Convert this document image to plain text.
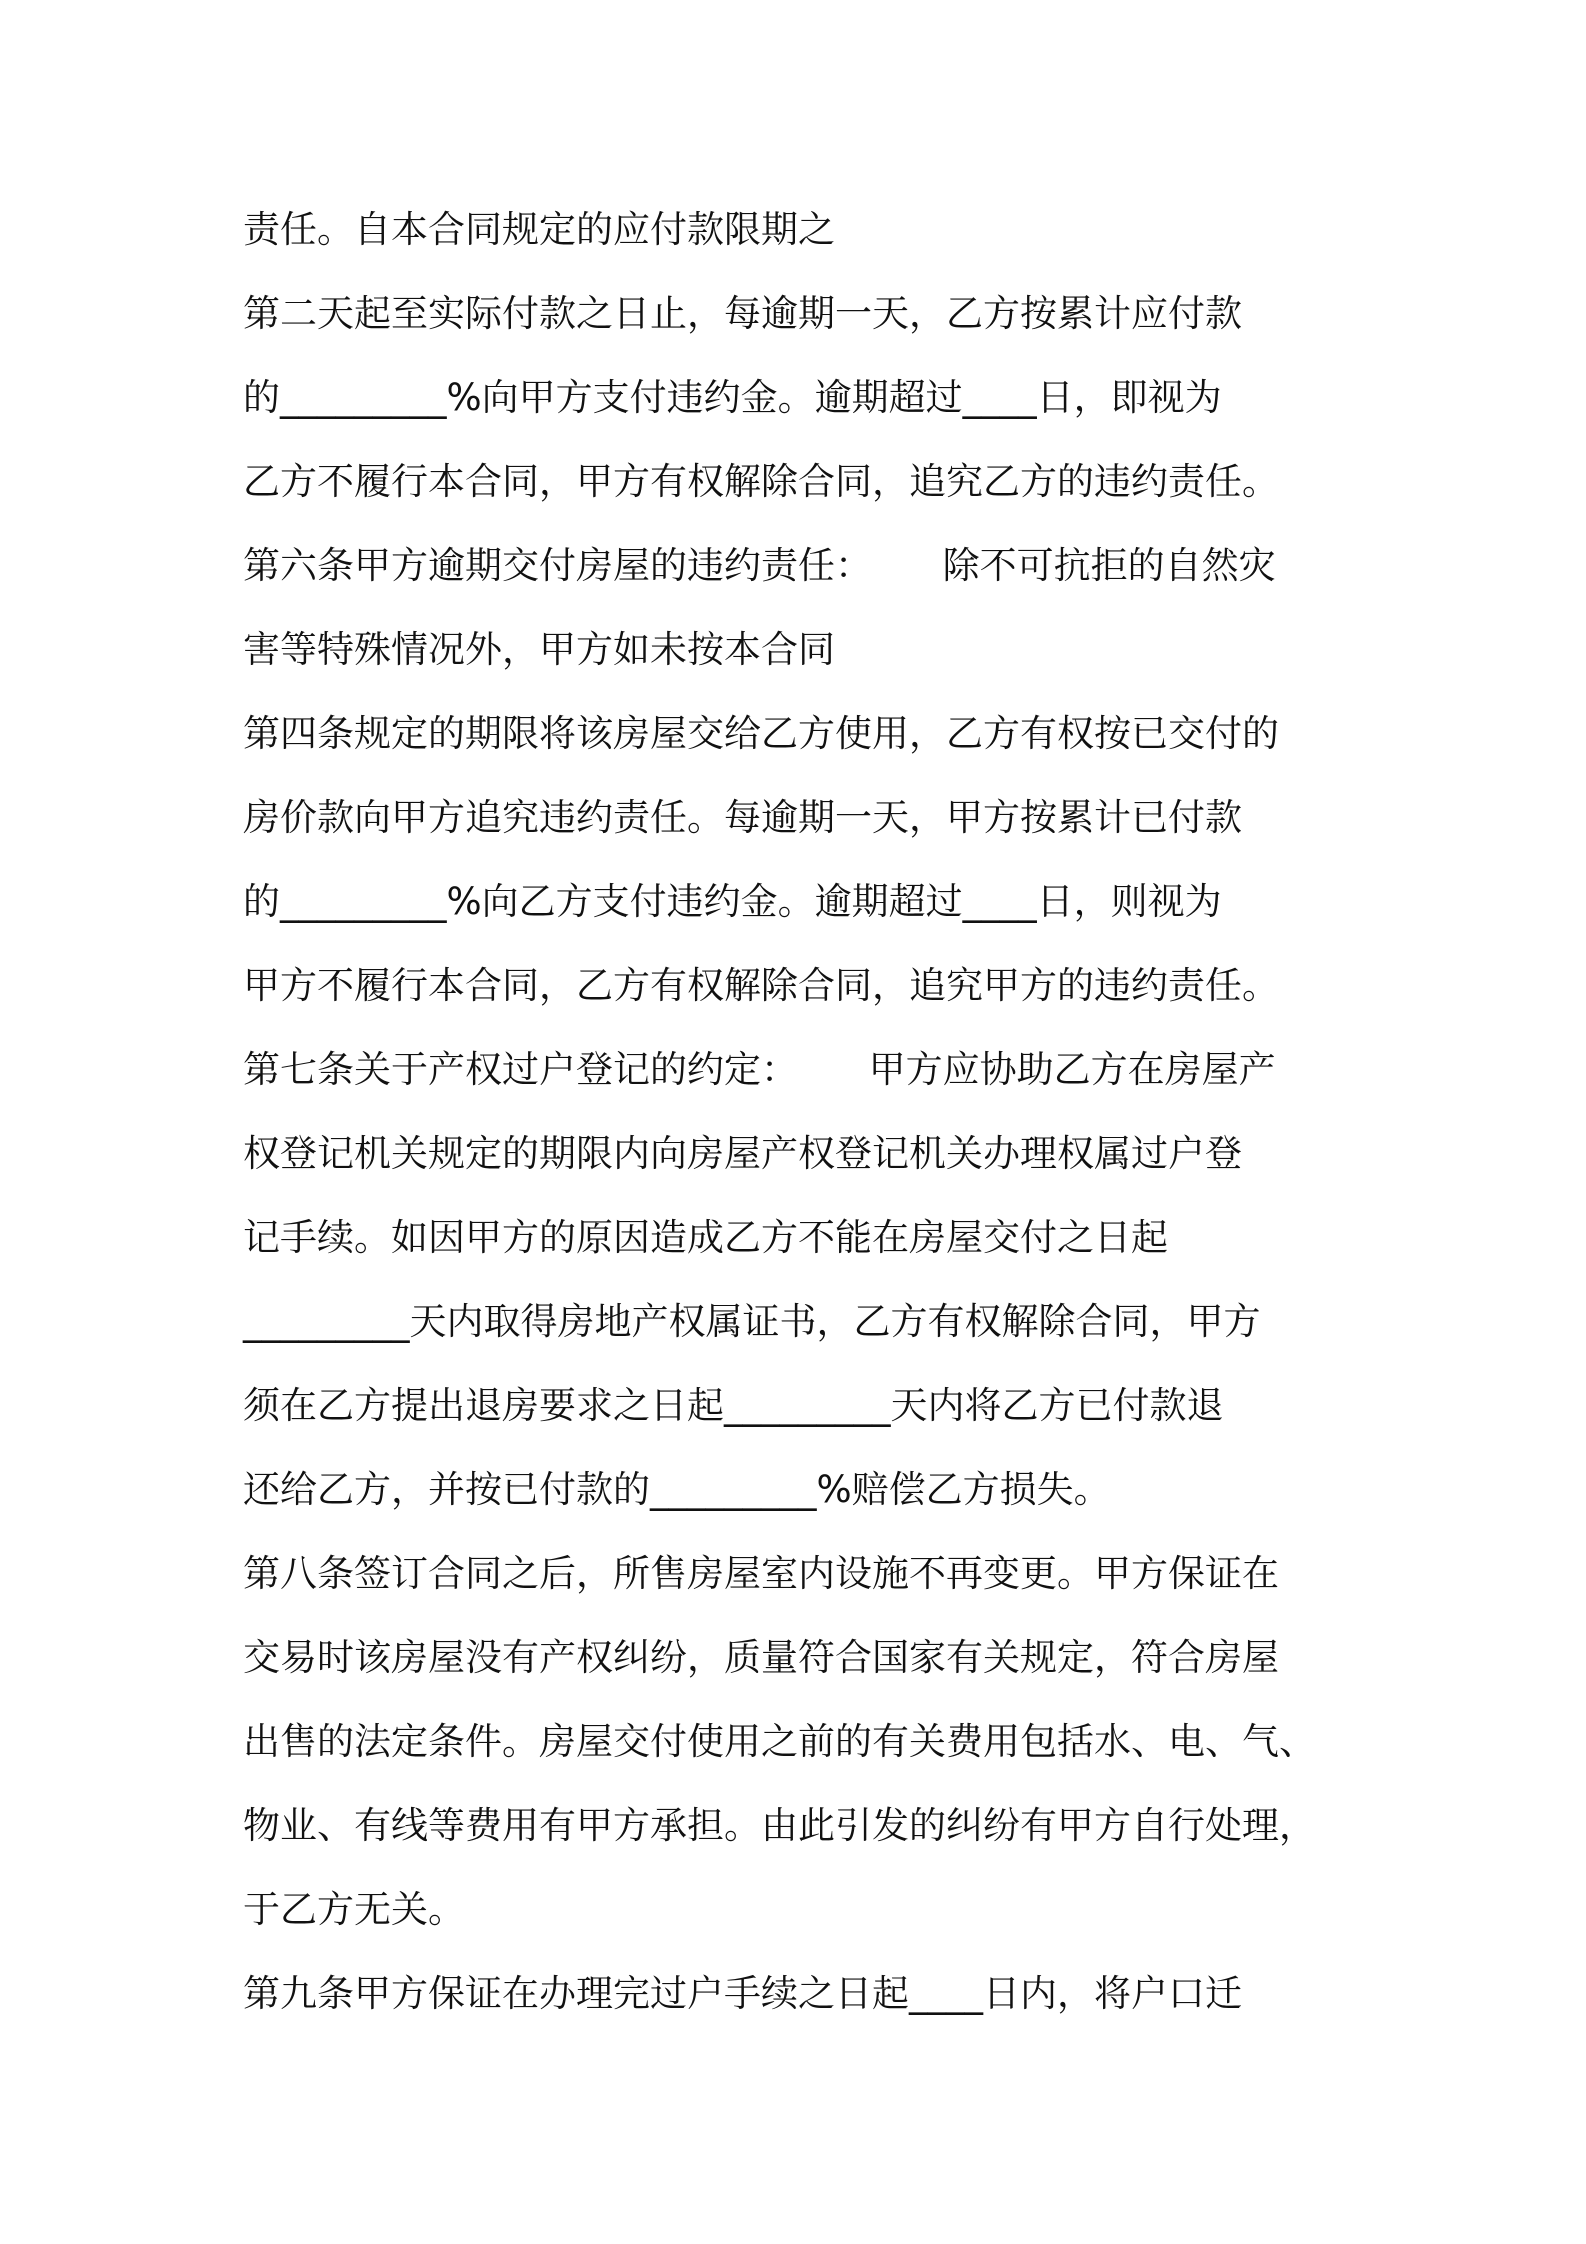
责任。自本合同规定的应付款限期之
第二天起至实际付款之日止，每逾期一天，乙方按累计应付款
的_________%向甲方支付违约金。逾期超过____日，即视为
乙方不履行本合同，甲方有权解除合同，追究乙方的违约责任。
第六条甲方逾期交付房屋的违约责任：      除不可抗拒的自然灾
害等特殊情况外，甲方如未按本合同
第四条规定的期限将该房屋交给乙方使用，乙方有权按已交付的
房价款向甲方追究违约责任。每逾期一天，甲方按累计已付款
的_________%向乙方支付违约金。逾期超过____日，则视为
甲方不履行本合同，乙方有权解除合同，追究甲方的违约责任。
第七条关于产权过户登记的约定：      甲方应协助乙方在房屋产
权登记机关规定的期限内向房屋产权登记机关办理权属过户登
记手续。如因甲方的原因造成乙方不能在房屋交付之日起
_________天内取得房地产权属证书，乙方有权解除合同，甲方
须在乙方提出退房要求之日起_________天内将乙方已付款退
还给乙方，并按已付款的_________%赔偿乙方损失。
第八条签订合同之后，所售房屋室内设施不再变更。甲方保证在
交易时该房屋没有产权纠纷，质量符合国家有关规定，符合房屋
出售的法定条件。房屋交付使用之前的有关费用包括水、电、气、
物业、有线等费用有甲方承担。由此引发的纠纷有甲方自行处理，
于乙方无关。
第九条甲方保证在办理完过户手续之日起____日内，将户口迁
